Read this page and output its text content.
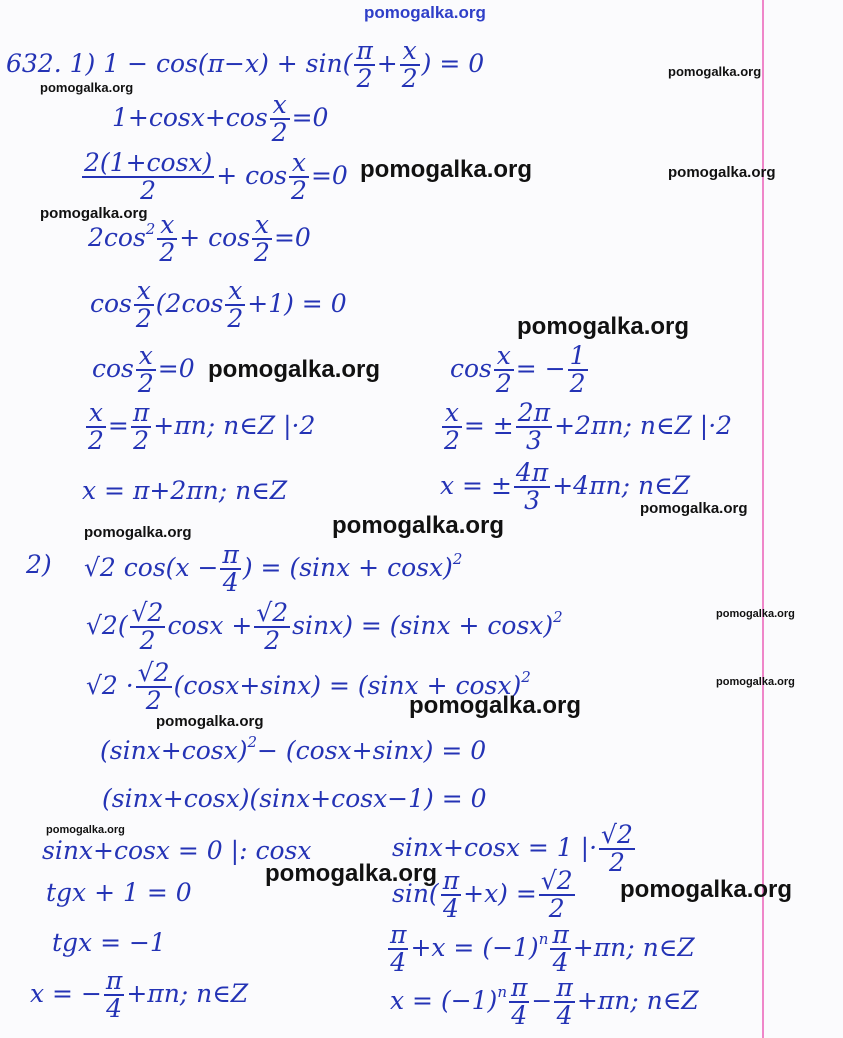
pomogalka.org
632. 1) $1 - \cos(\pi-x) + \sin( \frac{\pi}{2} + \frac{x}{2}$ ) = 0
$1+\cos x+\cos \frac{x}{2} =0$
$\frac{2(1+\cos x)}{2} + \cos \frac{x}{2} =0$
$2\cos^2 \frac{x}{2} + \cos \frac{x}{2} =0$
$\cos \frac{x}{2} (2\cos \frac{x}{2} +1) = 0$
$\cos \frac{x}{2} =0$
$\frac{x}{2} = \frac{\pi}{2} +\pi n$; n∈Z |·2
x = π+2πn; n∈Z
$\cos \frac{x}{2}$ = − $\frac{1}{2}$
$\frac{x}{2}$ = ± $\frac{2\pi}{3} +2\pi n$; n∈Z |·2
x = ± $\frac{4\pi}{3} +4\pi n$; n∈Z
2) √2 $\cos(x - \frac{\pi}{4}$ ) = $(\sin x + \cos x)^2$
$√2( \frac{√2}{2}$ $\cos x + \frac{√2}{2} \sin x) = (\sin x + \cos x)^2$
$√2 \cdot \frac{√2}{2} (\cos x+\sin x) = (\sin x + \cos x)^2$
$(\sin x+\cos x)^2- (\cos x+\sin x) = 0$
(sinx+cosx)(sinx+cosx−1) = 0
sinx+cosx = 0 |: cosx
tgx + 1 = 0
tgx = −1
x = − $\frac{\pi}{4} +\pi n$; n∈Z
sinx+cosx = 1 |· $\frac{√2}{2}$
$\sin( \frac{\pi}{4} +x) = \frac{√2}{2}$
$\frac{\pi}{4} +x = (-1)^n \frac{\pi}{4} +\pi n$; n∈Z
$x = (-1)^n \frac{\pi}{4} - \frac{\pi}{4} +\pi n$; n∈Z
pomogalka.org
pomogalka.org
pomogalka.org	pomogalka.org
pomogalka.org
pomogalka.org
pomogalka.org
pomogalka.org
pomogalka.org
pomogalka.org
pomogalka.org
pomogalka.org
pomogalka.org
pomogalka.org
pomogalka.org
pomogalka.org
pomogalka.org
